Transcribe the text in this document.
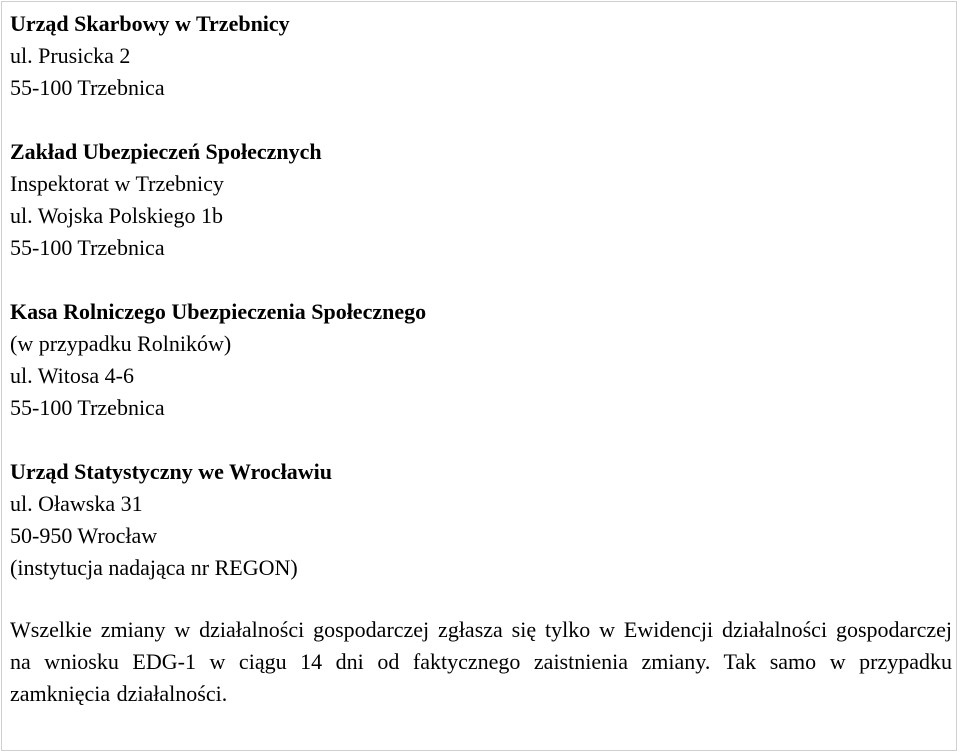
Urząd Skarbowy w Trzebnicy
ul. Prusicka 2
55-100 Trzebnica
Zakład Ubezpieczeń Społecznych
Inspektorat w Trzebnicy
ul. Wojska Polskiego 1b
55-100 Trzebnica
Kasa Rolniczego Ubezpieczenia Społecznego
(w przypadku Rolników)
ul. Witosa 4-6
55-100 Trzebnica
Urząd Statystyczny we Wrocławiu
ul. Oławska 31
50-950 Wrocław
(instytucja nadająca nr REGON)

Wszelkie zmiany w działalności gospodarczej zgłasza się tylko w Ewidencji działalności gospodarczej na wniosku EDG-1 w ciągu 14 dni od faktycznego zaistnienia zmiany. Tak samo w przypadku zamknięcia działalności.
